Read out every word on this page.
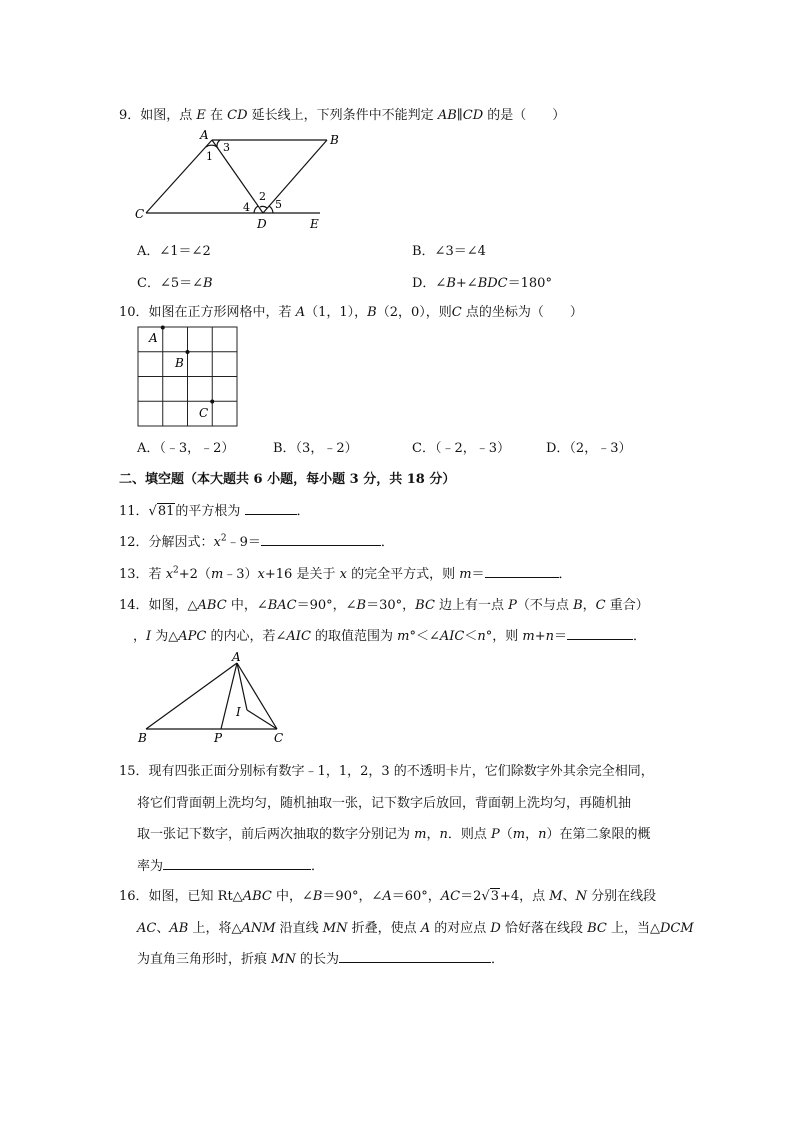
9．如图，点 E 在 CD 延长线上，下列条件中不能判定 AB∥CD 的是（　　）
A	B
C
D	E
1
3
2
4 5
A．∠1＝∠2	B．∠3＝∠4
C．∠5＝∠B	D．∠B+∠BDC＝180°
10．如图在正方形网格中，若 A（1，1），B（2，0），则C 点的坐标为（　　）
A
B
C
A．（﹣3，﹣2）	B．（3，﹣2）	C．（﹣2，﹣3）	D．（2，﹣3）
二、填空题（本大题共 6 小题，每小题 3 分，共 18 分）
11．√81的平方根为	．
12．分解因式：$x^2﹣9=$	．
13．若 $x^2+2(m﹣3)x+16$ 是关于 x 的完全平方式，则 m＝	．
14．如图，△ABC 中，∠BAC＝90°，∠B＝30°，BC 边上有一点 P（不与点 B，C 重合）
，I 为△APC 的内心，若∠AIC 的取值范围为 m°＜∠AIC＜n°，则 m+n＝	．
A
B	C
P
I
15．现有四张正面分别标有数字﹣1，1，2，3 的不透明卡片，它们除数字外其余完全相同，
将它们背面朝上洗均匀，随机抽取一张，记下数字后放回，背面朝上洗均匀，再随机抽
取一张记下数字，前后两次抽取的数字分别记为 m，n．则点 P（m，n）在第二象限的概
率为	．
16．如图，已知 Rt△ABC 中，∠B＝90°，∠A＝60°，AC＝2√3+4，点 M、N 分别在线段
AC、AB 上，将△ANM 沿直线 MN 折叠，使点 A 的对应点 D 恰好落在线段 BC 上，当△DCM
为直角三角形时，折痕 MN 的长为	．
